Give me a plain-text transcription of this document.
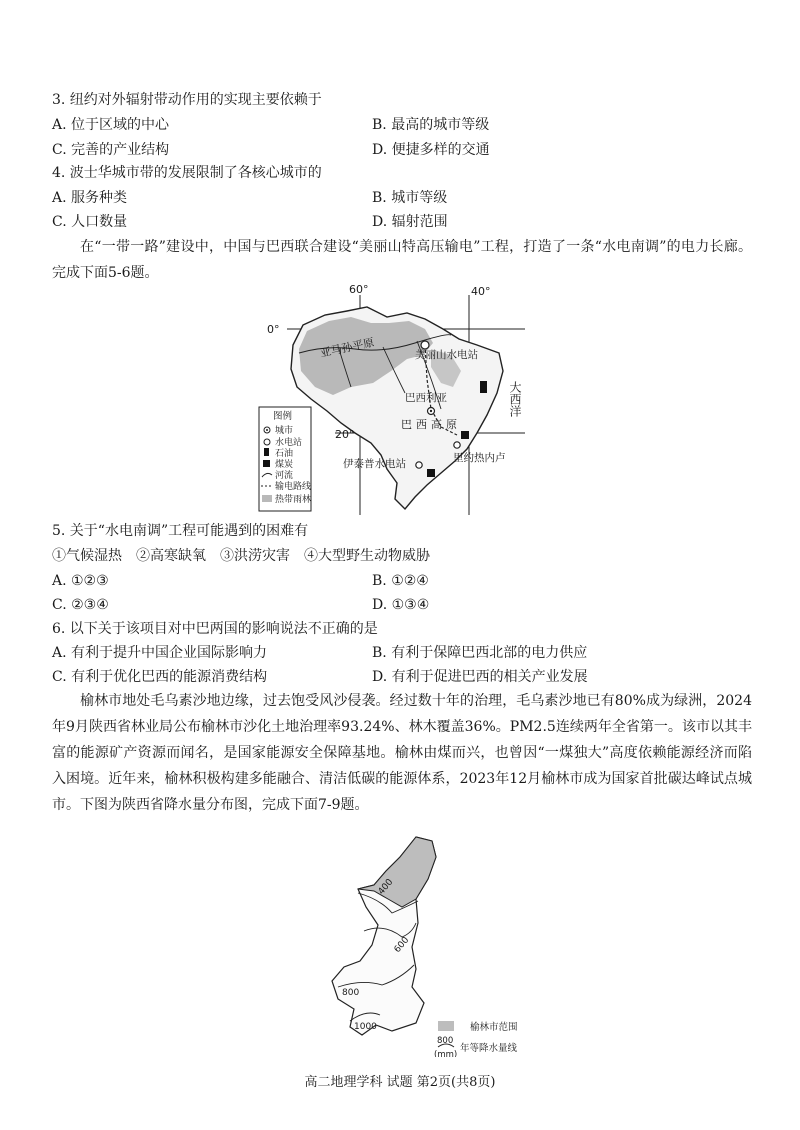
3. 纽约对外辐射带动作用的实现主要依赖于
A. 位于区域的中心	B. 最高的城市等级
C. 完善的产业结构	D. 便捷多样的交通
4. 波士华城市带的发展限制了各核心城市的
A. 服务种类	B. 城市等级
C. 人口数量	D. 辐射范围
在“一带一路”建设中，中国与巴西联合建设“美丽山特高压输电”工程，打造了一条“水电南调”的电力长廊。完成下面5-6题。
0°
20°
60°	40°
亚马孙平原	美丽山水电站
巴西利亚
巴西高原
伊泰普水电站	里约热内卢
大西洋
图例
城市
水电站
石油
煤炭
河流
输电路线
热带雨林
5. 关于“水电南调”工程可能遇到的困难有
①气候湿热　②高寒缺氧　③洪涝灾害　④大型野生动物威胁
A. ①②③	B. ①②④
C. ②③④	D. ①③④
6. 以下关于该项目对中巴两国的影响说法不正确的是
A. 有利于提升中国企业国际影响力	B. 有利于保障巴西北部的电力供应
C. 有利于优化巴西的能源消费结构	D. 有利于促进巴西的相关产业发展
榆林市地处毛乌素沙地边缘，过去饱受风沙侵袭。经过数十年的治理，毛乌素沙地已有80%成为绿洲，2024年9月陕西省林业局公布榆林市沙化土地治理率93.24%、林木覆盖36%。PM2.5连续两年全省第一。该市以其丰富的能源矿产资源而闻名，是国家能源安全保障基地。榆林由煤而兴，也曾因“一煤独大”高度依赖能源经济而陷入困境。近年来，榆林积极构建多能融合、清洁低碳的能源体系，2023年12月榆林市成为国家首批碳达峰试点城市。下图为陕西省降水量分布图，完成下面7-9题。
400
600
800
1000	榆林市范围
800
年等降水量线
(mm)
高二地理学科 试题 第2页(共8页)
